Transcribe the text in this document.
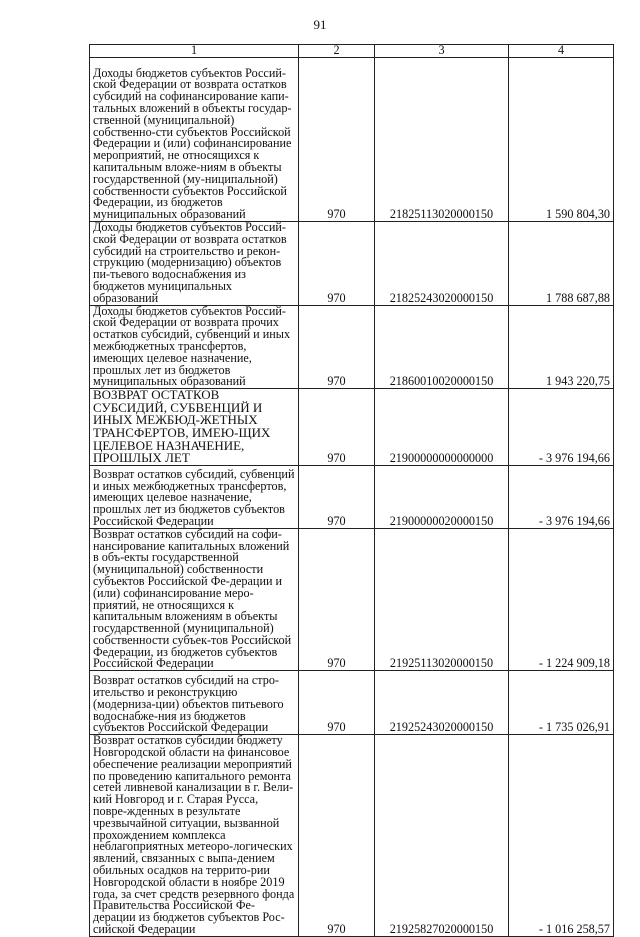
91
1	2	3	4
Доходы бюджетов субъектов Россий-ской Федерации от возврата остатков субсидий на софинансирование капи-тальных вложений в объекты государ-ственной (муниципальной) собственно-сти субъектов Российской Федерации и (или) софинансирование мероприятий, не относящихся к капитальным вложе-ниям в объекты государственной (му-ниципальной) собственности субъектов Российской Федерации, из бюджетов муниципальных образований	970	21825113020000150	1 590 804,30
Доходы бюджетов субъектов Россий-ской Федерации от возврата остатков субсидий на строительство и рекон-струкцию (модернизацию) объектов пи-тьевого водоснабжения из бюджетов муниципальных образований	970	21825243020000150	1 788 687,88
Доходы бюджетов субъектов Россий-ской Федерации от возврата прочих остатков субсидий, субвенций и иных межбюджетных трансфертов, имеющих целевое назначение, прошлых лет из бюджетов муниципальных образований	970	21860010020000150	1 943 220,75
ВОЗВРАТ ОСТАТКОВ СУБСИДИЙ, СУБВЕНЦИЙ И ИНЫХ МЕЖБЮД-ЖЕТНЫХ ТРАНСФЕРТОВ, ИМЕЮ-ЩИХ ЦЕЛЕВОЕ НАЗНАЧЕНИЕ, ПРОШЛЫХ ЛЕТ	970	21900000000000000	- 3 976 194,66
Возврат остатков субсидий, субвенций и иных межбюджетных трансфертов, имеющих целевое назначение, прошлых лет из бюджетов субъектов Российской Федерации	970	21900000020000150	- 3 976 194,66
Возврат остатков субсидий на софи-нансирование капитальных вложений в объ-екты государственной (муниципальной) собственности субъектов Российской Фе-дерации и (или) софинансирование меро-приятий, не относящихся к капитальным вложениям в объекты государственной (муниципальной) собственности субъек-тов Российской Федерации, из бюджетов субъектов Российской Федерации	970	21925113020000150	- 1 224 909,18
Возврат остатков субсидий на стро-ительство и реконструкцию (модерниза-ции) объектов питьевого водоснабже-ния из бюджетов субъектов Российской Федерации	970	21925243020000150	- 1 735 026,91
Возврат остатков субсидии бюджету Новгородской области на финансовое обеспечение реализации мероприятий по проведению капитального ремонта сетей ливневой канализации в г. Вели-кий Новгород и г. Старая Русса, повре-жденных в результате чрезвычайной ситуации, вызванной прохождением комплекса неблагоприятных метеоро-логических явлений, связанных с выпа-дением обильных осадков на террито-рии Новгородской области в ноябре 2019 года, за счет средств резервного фонда Правительства Российской Фе-дерации из бюджетов субъектов Рос-сийской Федерации	970	21925827020000150	- 1 016 258,57
